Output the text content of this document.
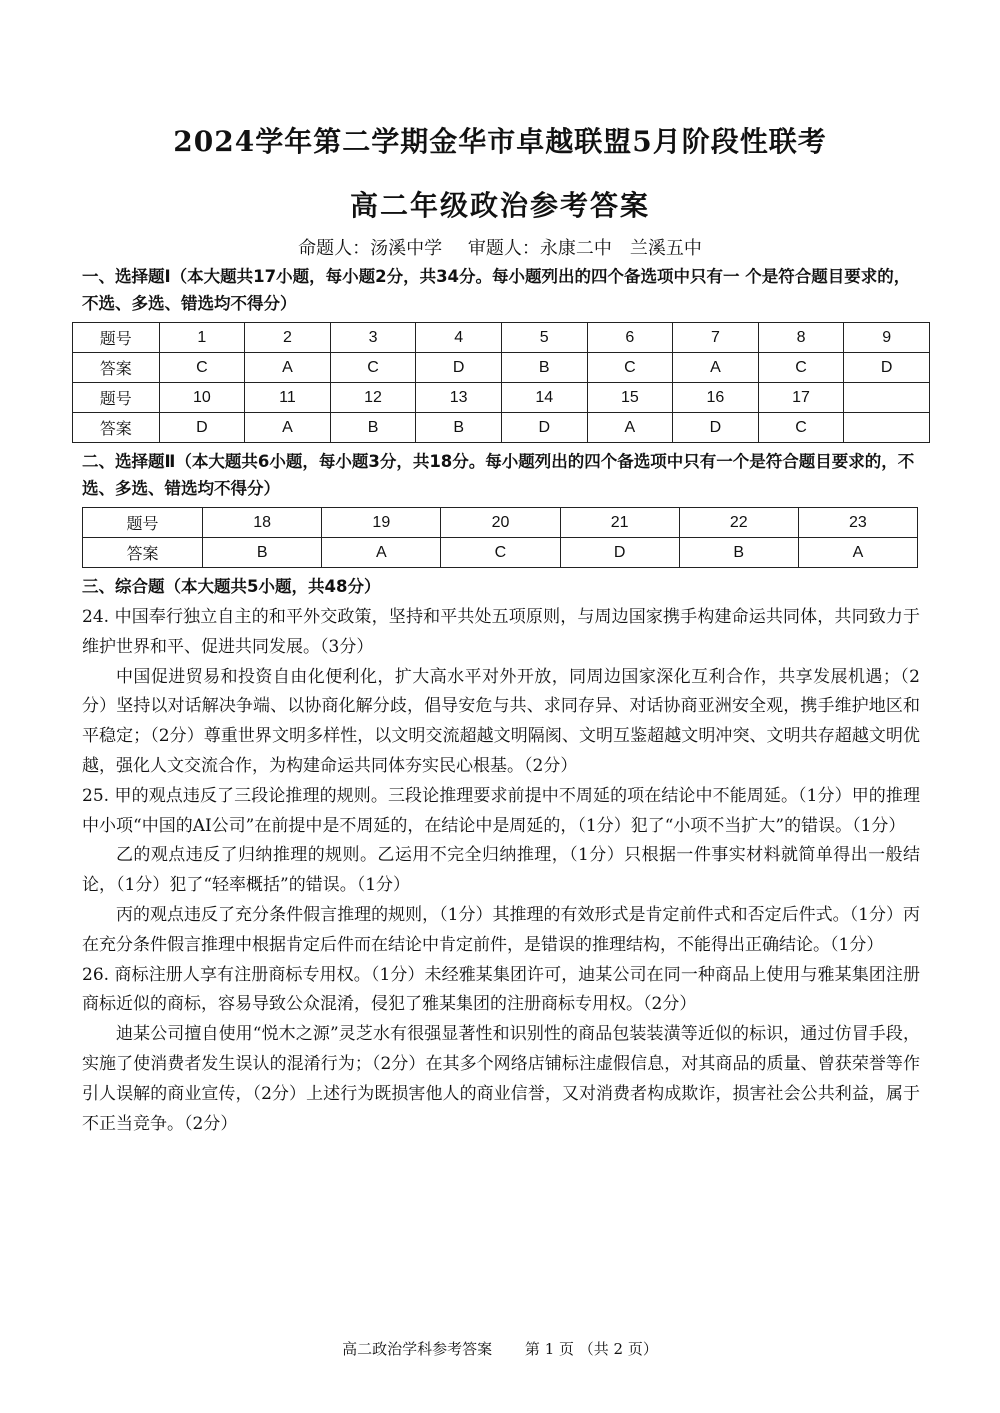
2024学年第二学期金华市卓越联盟5月阶段性联考
高二年级政治参考答案
命题人：汤溪中学 审题人：永康二中　兰溪五中
一、选择题Ⅰ（本大题共17小题，每小题2分，共34分。每小题列出的四个备选项中只有一 个是符合题目要求的，不选、多选、错选均不得分）
题号	1	2	3	4	5	6	7	8	9
答案	C	A	C	D	B	C	A	C	D
题号	10	11	12	13	14	15	16	17	
答案	D	A	B	B	D	A	D	C	
二、选择题Ⅱ（本大题共6小题，每小题3分，共18分。每小题列出的四个备选项中只有一个是符合题目要求的，不选、多选、错选均不得分）
题号	18	19	20	21	22	23
答案	B	A	C	D	B	A
三、综合题（本大题共5小题，共48分）

24. 中国奉行独立自主的和平外交政策，坚持和平共处五项原则，与周边国家携手构建命运共同体，共同致力于维护世界和平、促进共同发展。（3分）

中国促进贸易和投资自由化便利化，扩大高水平对外开放，同周边国家深化互利合作，共享发展机遇；（2分）坚持以对话解决争端、以协商化解分歧，倡导安危与共、求同存异、对话协商亚洲安全观，携手维护地区和平稳定；（2分）尊重世界文明多样性，以文明交流超越文明隔阂、文明互鉴超越文明冲突、文明共存超越文明优越，强化人文交流合作，为构建命运共同体夯实民心根基。（2分）

25. 甲的观点违反了三段论推理的规则。三段论推理要求前提中不周延的项在结论中不能周延。（1分）甲的推理中小项“中国的AI公司”在前提中是不周延的，在结论中是周延的，（1分）犯了“小项不当扩大”的错误。（1分）

乙的观点违反了归纳推理的规则。乙运用不完全归纳推理，（1分）只根据一件事实材料就简单得出一般结论，（1分）犯了“轻率概括”的错误。（1分）

丙的观点违反了充分条件假言推理的规则，（1分）其推理的有效形式是肯定前件式和否定后件式。（1分）丙在充分条件假言推理中根据肯定后件而在结论中肯定前件，是错误的推理结构，不能得出正确结论。（1分）

26. 商标注册人享有注册商标专用权。（1分）未经雅某集团许可，迪某公司在同一种商品上使用与雅某集团注册商标近似的商标，容易导致公众混淆，侵犯了雅某集团的注册商标专用权。（2分）

迪某公司擅自使用“悦木之源”灵芝水有很强显著性和识别性的商品包装装潢等近似的标识，通过仿冒手段，实施了使消费者发生误认的混淆行为；（2分）在其多个网络店铺标注虚假信息，对其商品的质量、曾获荣誉等作引人误解的商业宣传，（2分）上述行为既损害他人的商业信誉，又对消费者构成欺诈，损害社会公共利益，属于不正当竞争。（2分）

高二政治学科参考答案 第 1 页 （共 2 页）
